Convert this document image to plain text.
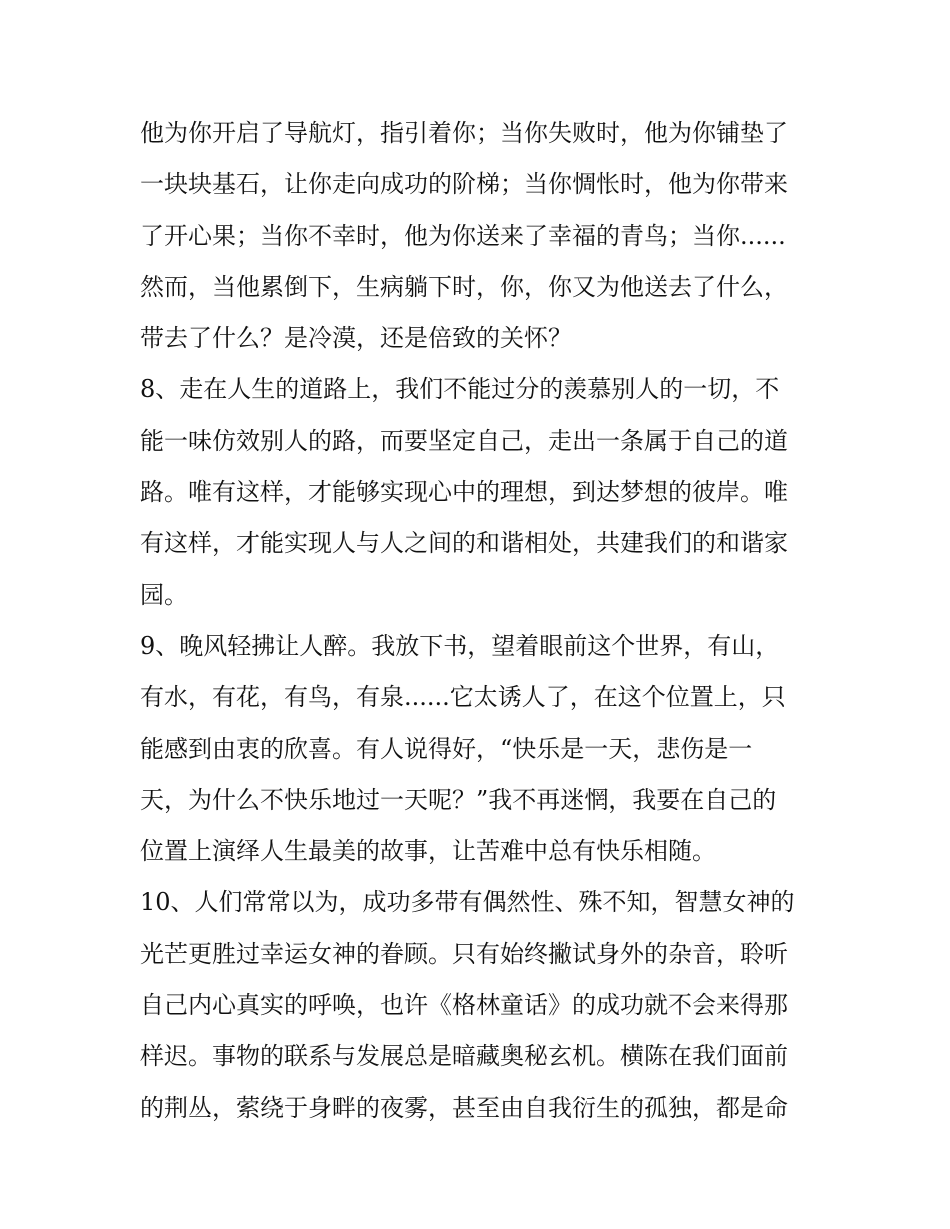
他为你开启了导航灯，指引着你；当你失败时，他为你铺垫了
一块块基石，让你走向成功的阶梯；当你惆怅时，他为你带来
了开心果；当你不幸时，他为你送来了幸福的青鸟；当你......
然而，当他累倒下，生病躺下时，你，你又为他送去了什么，
带去了什么？是冷漠，还是倍致的关怀？
8、走在人生的道路上，我们不能过分的羡慕别人的一切，不
能一味仿效别人的路，而要坚定自己，走出一条属于自己的道
路。唯有这样，才能够实现心中的理想，到达梦想的彼岸。唯
有这样，才能实现人与人之间的和谐相处，共建我们的和谐家
园。
9、晚风轻拂让人醉。我放下书，望着眼前这个世界，有山，
有水，有花，有鸟，有泉......它太诱人了，在这个位置上，只
能感到由衷的欣喜。有人说得好，“快乐是一天，悲伤是一
天，为什么不快乐地过一天呢？”我不再迷惘，我要在自己的
位置上演绎人生最美的故事，让苦难中总有快乐相随。
10、人们常常以为，成功多带有偶然性、殊不知，智慧女神的
光芒更胜过幸运女神的眷顾。只有始终撇试身外的杂音，聆听
自己内心真实的呼唤，也许《格林童话》的成功就不会来得那
样迟。事物的联系与发展总是暗藏奥秘玄机。横陈在我们面前
的荆丛，萦绕于身畔的夜雾，甚至由自我衍生的孤独，都是命
